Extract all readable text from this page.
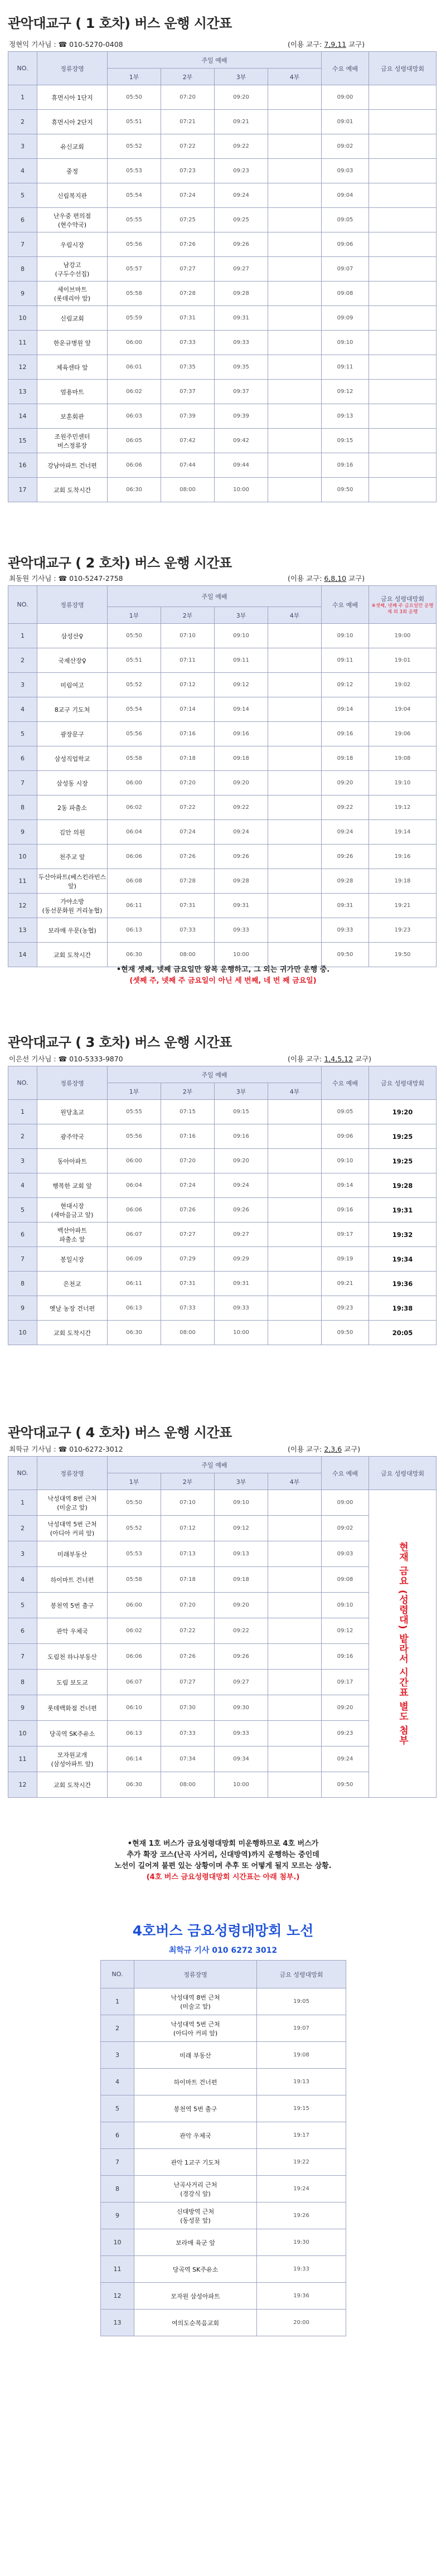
관악대교구 ( 1 호차) 버스 운행 시간표
정현익 기사님 : ☎ 010-5270-0408	(이용 교구: 7,9,11 교구)
NO.	정류장명	주일 예배				수요 예배	금요 성령대망회
		1부	2부	3부	4부		
1	휴먼시아 1단지	05:50	07:20	09:20		09:00	
2	휴먼시아 2단지	05:51	07:21	09:21		09:01	
3	유신교회	05:52	07:22	09:22		09:02	
4	중정	05:53	07:23	09:23		09:03	
5	신림복지관	05:54	07:24	09:24		09:04	
6	난우중 편의점
(현수약국)	05:55	07:25	09:25		09:05	
7	우림시장	05:56	07:26	09:26		09:06	
8	남강고
(구두수선집)	05:57	07:27	09:27		09:07	
9	세이브마트
(롯데리아 앞)	05:58	07:28	09:28		09:08	
10	신림교회	05:59	07:31	09:31		09:09	
11	한운규병원 앞	06:00	07:33	09:33		09:10	
12	체육센타 앞	06:01	07:35	09:35		09:11	
13	엄용마트	06:02	07:37	09:37		09:12	
14	보훈회관	06:03	07:39	09:39		09:13	
15	조원주민센터
버스정류장	06:05	07:42	09:42		09:15	
16	강남아파트 건너편	06:06	07:44	09:44		09:16	
17	교회 도착시간	06:30	08:00	10:00		09:50	
관악대교구 ( 2 호차) 버스 운행 시간표
최동원 기사님 : ☎ 010-5247-2758	(이용 교구: 6,8,10 교구)
NO.	정류장명	주일 예배				수요 예배	금요 성령대망회
※셋째, 넷째 주 금요일만 운행 제 외 3회 운행

		1부	2부	3부	4부		
1	삼성산♀	05:50	07:10	09:10		09:10	19:00
2	국제산장♀	05:51	07:11	09:11		09:11	19:01
3	미림여고	05:52	07:12	09:12		09:12	19:02
4	8교구 기도처	05:54	07:14	09:14		09:14	19:04
5	광장문구	05:56	07:16	09:16		09:16	19:06
6	삼성직업학교	05:58	07:18	09:18		09:18	19:08
7	삼성동 시장	06:00	07:20	09:20		09:20	19:10
8	2동 파출소	06:02	07:22	09:22		09:22	19:12
9	김안 의원	06:04	07:24	09:24		09:24	19:14
10	천주교 앞	06:06	07:26	09:26		09:26	19:16
11	두산아파트(베스킨라빈스앞)	06:08	07:28	09:28		09:28	19:18
12	가야소방
(동선문화원 거리농협)	06:11	07:31	09:31		09:31	19:21
13	보라매 우문(농협)	06:13	07:33	09:33		09:33	19:23
14	교회 도착시간	06:30	08:00	10:00		09:50	19:50
•현재 셋째, 넷째 금요일만 왕복 운행하고, 그 외는 귀가만 운행 중.
(셋째 주, 넷째 주 금요일이 아닌 세 번째, 네 번 째 금요일)
관악대교구 ( 3 호차) 버스 운행 시간표
이은선 기사님 : ☎ 010-5333-9870	(이용 교구: 1,4,5,12 교구)
NO.	정류장명	주일 예배				수요 예배	금요 성령대망회
		1부	2부	3부	4부		
1	원당초교	05:55	07:15	09:15		09:05	19:20
2	광주약국	05:56	07:16	09:16		09:06	19:25
3	동아아파트	06:00	07:20	09:20		09:10	19:25
4	행복한 교회 앞	06:04	07:24	09:24		09:14	19:28
5	현대시장
(새마을금고 앞)	06:06	07:26	09:26		09:16	19:31
6	백산아파트
파출소 앞	06:07	07:27	09:27		09:17	19:32
7	봉일시장	06:09	07:29	09:29		09:19	19:34
8	은천교	06:11	07:31	09:31		09:21	19:36
9	옛날 농장 건너편	06:13	07:33	09:33		09:23	19:38
10	교회 도착시간	06:30	08:00	10:00		09:50	20:05
관악대교구 ( 4 호차) 버스 운행 시간표
최학규 기사님 : ☎ 010-6272-3012	(이용 교구: 2,3,6 교구)
NO.	정류장명	주일 예배				수요 예배	금요 성령대망회
		1부	2부	3부	4부		
1	낙성대역 8번 근처
(미술고 앞)	05:50	07:10	09:10		09:00	현재 금요 (성령대) 밭라서 시간표 별도 첨부

2	낙성대역 5번 근처
(아디아 커피 앞)	05:52	07:12	09:12		09:02	
3	미래부동산	05:53	07:13	09:13		09:03	
4	하이마트 건너편	05:58	07:18	09:18		09:08	
5	봉천역 5번 출구	06:00	07:20	09:20		09:10	
6	관악 우체국	06:02	07:22	09:22		09:12	
7	도림천 하나부동산	06:06	07:26	09:26		09:16	
8	도림 보도교	06:07	07:27	09:27		09:17	
9	롯데백화점 건너편	06:10	07:30	09:30		09:20	
10	당곡역 SK주유소	06:13	07:33	09:33		09:23	
11	모자원교개
(삼성아파트 앞)	06:14	07:34	09:34		09:24	
12	교회 도착시간	06:30	08:00	10:00		09:50	
•현재 1호 버스가 금요성령대망회 미운행하므로 4호 버스가
추가 확장 코스(난곡 사거리, 신대방역)까지 운행하는 중인데
노선이 길어져 불편 있는 상황이며 추후 또 어떻게 될지 모르는 상황.
(4호 버스 금요성령대망회 시간표는 아래 첨부.)
4호버스 금요성령대망회 노선
최학규 기사 010 6272 3012
NO.	정류장명	금요 성령대망회
1	낙성대역 8번 근처
(미술고 앞)	19:05
2	낙성대역 5번 근처
(아디아 커피 앞)	19:07
3	미래 부동산	19:08
4	하이마트 건너편	19:13
5	봉천역 5번 출구	19:15
6	관악 우체국	19:17
7	관악 1교구 기도처	19:22
8	난곡사거리 근처
(경강식 앞)	19:24
9	신대방역 근처
(동성문 앞)	19:26
10	보라매 육군 앞	19:30
11	당곡역 SK주유소	19:33
12	모자원 삼성아파트	19:36
13	여의도순복음교회	20:00
